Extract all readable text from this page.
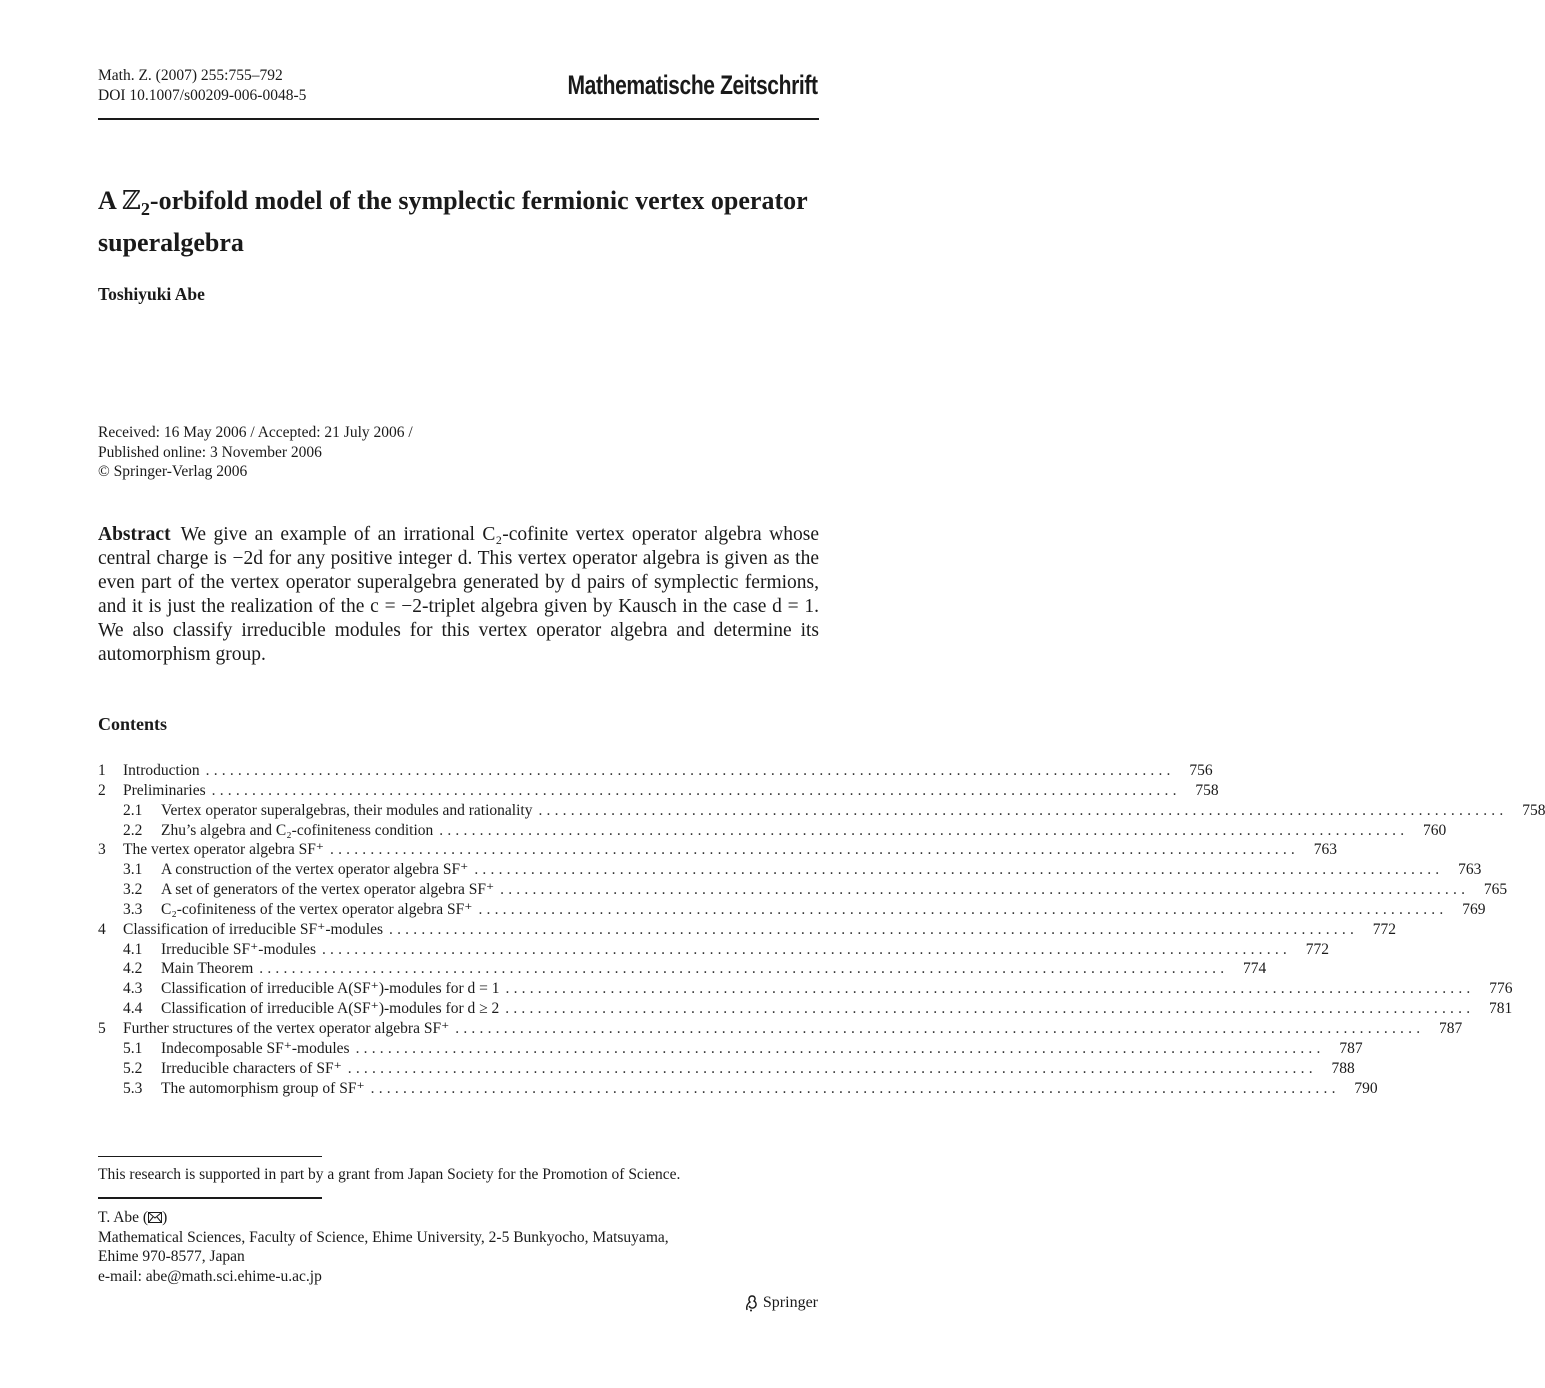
Math. Z. (2007) 255:755–792
DOI 10.1007/s00209-006-0048-5	Mathematische Zeitschrift
A ℤ$_2$-orbifold model of the symplectic fermionic vertex operator superalgebra
Toshiyuki Abe
Received: 16 May 2006 / Accepted: 21 July 2006 /
Published online: 3 November 2006
© Springer-Verlag 2006
Abstract We give an example of an irrational C₂-cofinite vertex operator algebra whose central charge is −2d for any positive integer d. This vertex operator algebra is given as the even part of the vertex operator superalgebra generated by d pairs of symplectic fermions, and it is just the realization of the c = −2-triplet algebra given by Kausch in the case d = 1. We also classify irreducible modules for this vertex operator algebra and determine its automorphism group.
Contents
1	Introduction ........................................................................................................................ 756
2	Preliminaries ........................................................................................................................ 758
2.1	Vertex operator superalgebras, their modules and rationality ........................................................................................................................ 758
2.2	Zhu’s algebra and C₂-cofiniteness condition ........................................................................................................................ 760
3	The vertex operator algebra SF⁺ ........................................................................................................................ 763
3.1	A construction of the vertex operator algebra SF⁺ ........................................................................................................................ 763
3.2	A set of generators of the vertex operator algebra SF⁺ ........................................................................................................................ 765
3.3	C₂-cofiniteness of the vertex operator algebra SF⁺ ........................................................................................................................ 769
4	Classification of irreducible SF⁺-modules ........................................................................................................................ 772
4.1	Irreducible SF⁺-modules ........................................................................................................................ 772
4.2	Main Theorem ........................................................................................................................ 774
4.3	Classification of irreducible A(SF⁺)-modules for d = 1 ........................................................................................................................ 776
4.4	Classification of irreducible A(SF⁺)-modules for d ≥ 2 ........................................................................................................................ 781
5	Further structures of the vertex operator algebra SF⁺ ........................................................................................................................ 787
5.1	Indecomposable SF⁺-modules ........................................................................................................................ 787
5.2	Irreducible characters of SF⁺ ........................................................................................................................ 788
5.3	The automorphism group of SF⁺ ........................................................................................................................ 790
This research is supported in part by a grant from Japan Society for the Promotion of Science.
T. Abe ( )
Mathematical Sciences, Faculty of Science, Ehime University, 2-5 Bunkyocho, Matsuyama,
Ehime 970-8577, Japan
e-mail: abe@math.sci.ehime-u.ac.jp
Springer
